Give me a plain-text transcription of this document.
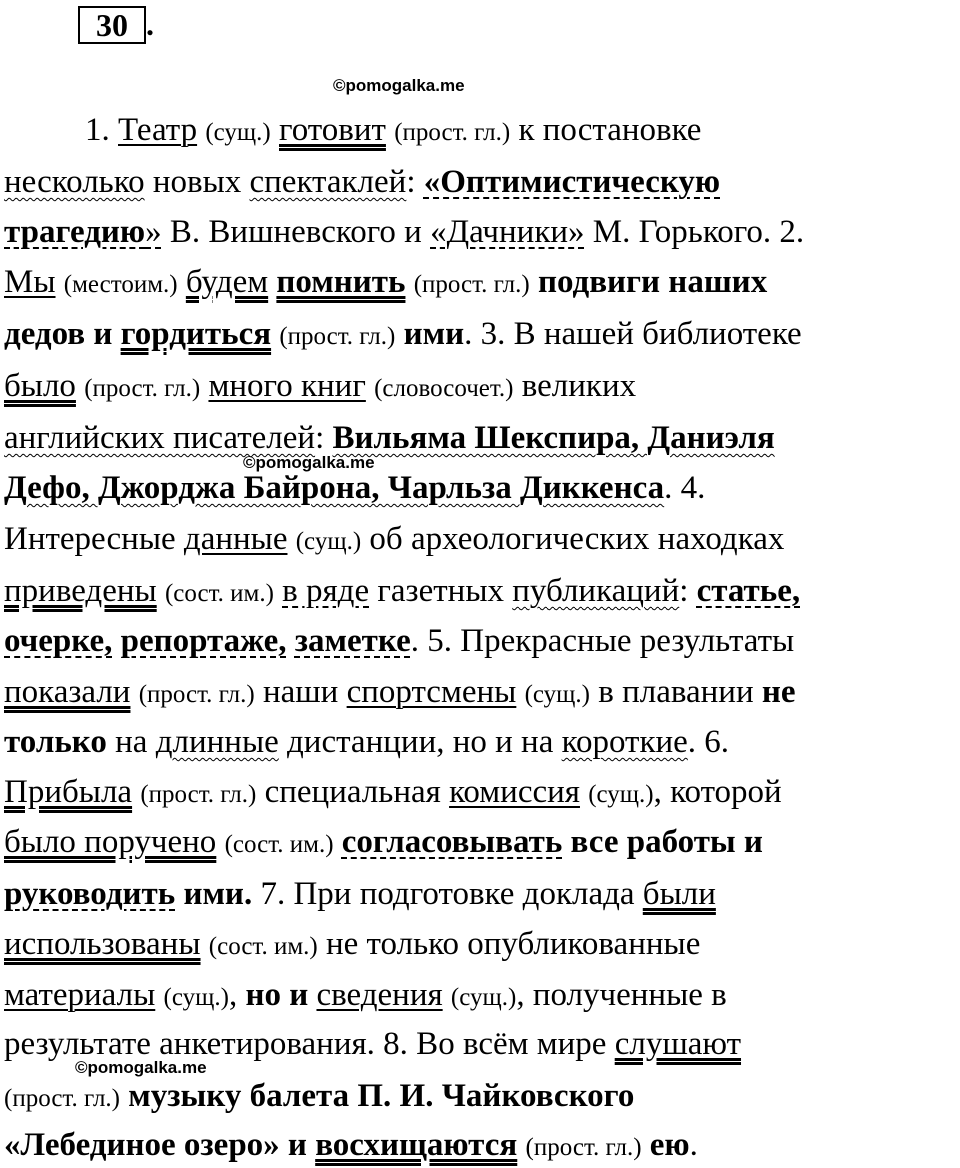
30 .
©pomogalka.me
©pomogalka.me
©pomogalka.me
1. Театр (сущ.) готовит (прост. гл.) к постановке
несколько новых спектаклей: «Оптимистическую
трагедию» В. Вишневского и «Дачники» М. Горького. 2.
Мы (местоим.) будем помнить (прост. гл.) подвиги наших
дедов и гордиться (прост. гл.) ими. 3. В нашей библиотеке
было (прост. гл.) много книг (словосочет.) великих
английских писателей: Вильяма Шекспира, Даниэля
Дефо, Джорджа Байрона, Чарльза Диккенса. 4.
Интересные данные (сущ.) об археологических находках
приведены (сост. им.) в ряде газетных публикаций: статье,
очерке, репортаже, заметке. 5. Прекрасные результаты
показали (прост. гл.) наши спортсмены (сущ.) в плавании не
только на длинные дистанции, но и на короткие. 6.
Прибыла (прост. гл.) специальная комиссия (сущ.), которой
было поручено (сост. им.) согласовывать все работы и
руководить ими. 7. При подготовке доклада были
использованы (сост. им.) не только опубликованные
материалы (сущ.), но и сведения (сущ.), полученные в
результате анкетирования. 8. Во всём мире слушают
(прост. гл.) музыку балета П. И. Чайковского
«Лебединое озеро» и восхищаются (прост. гл.) ею.
